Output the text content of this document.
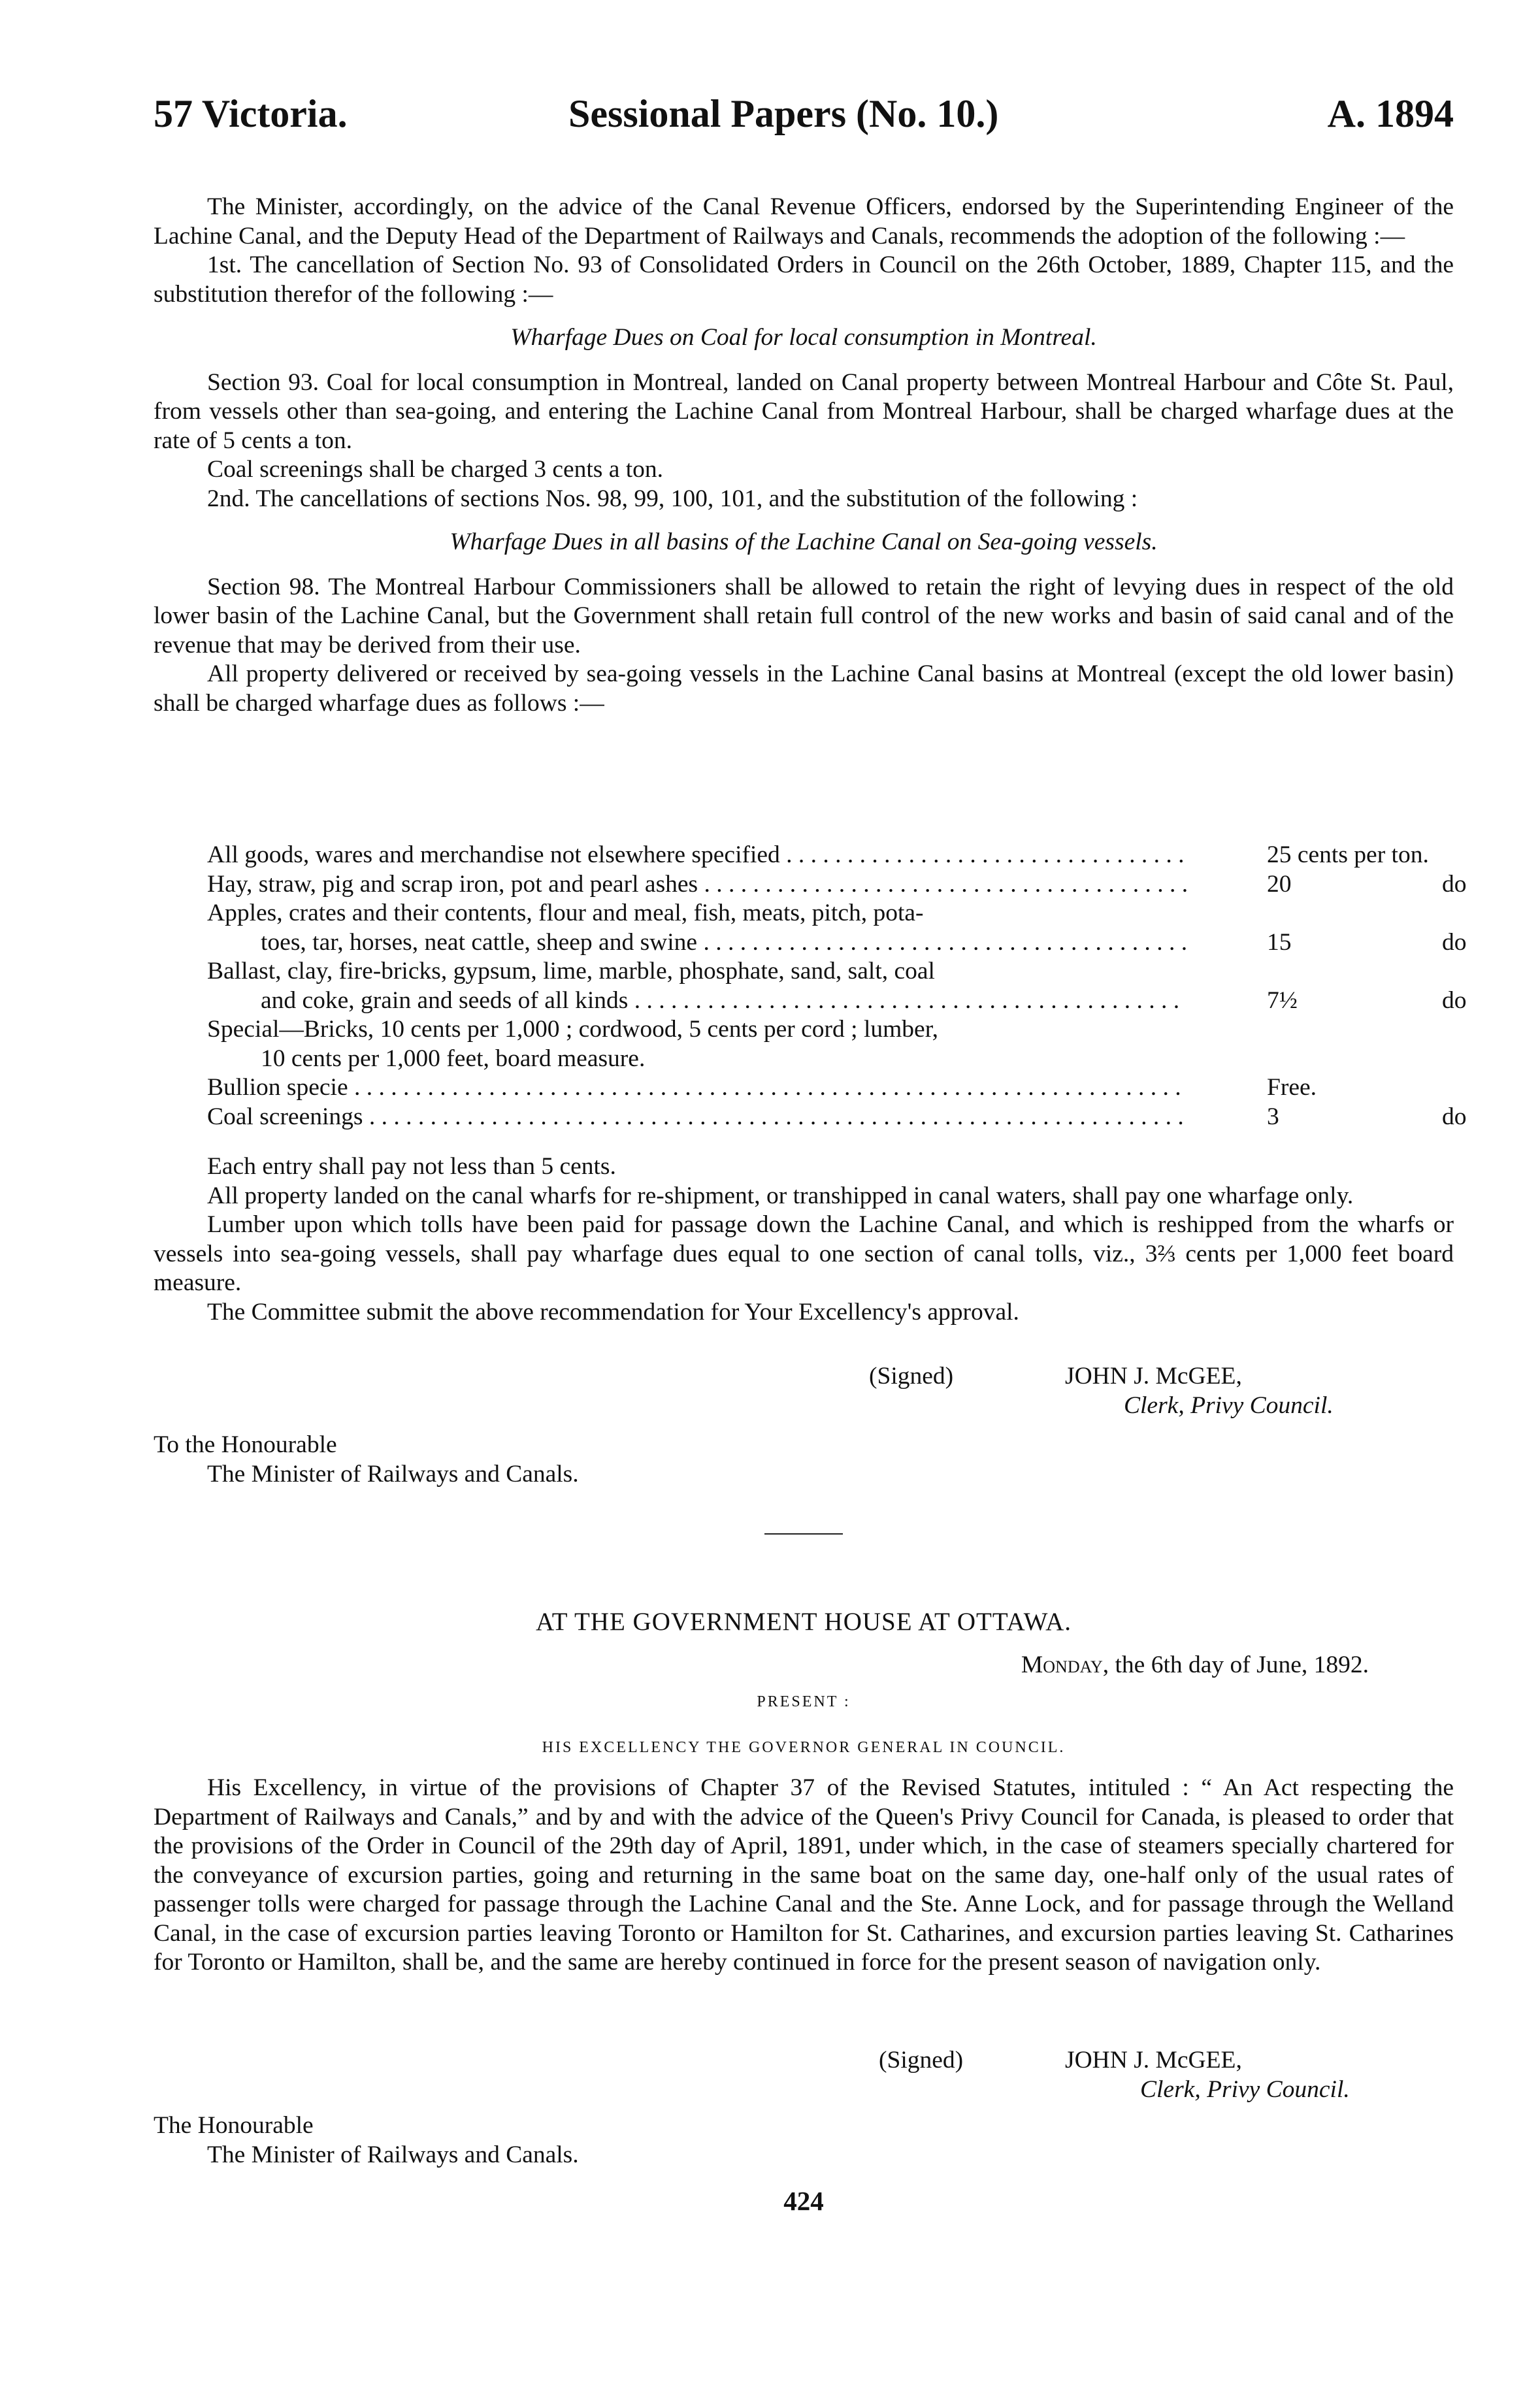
57 Victoria.	Sessional Papers (No. 10.)	A. 1894

The Minister, accordingly, on the advice of the Canal Revenue Officers, endorsed by the Superintending Engineer of the Lachine Canal, and the Deputy Head of the Department of Railways and Canals, recommends the adoption of the following :—

1st. The cancellation of Section No. 93 of Consolidated Orders in Council on the 26th October, 1889, Chapter 115, and the substitution therefor of the following :—

Wharfage Dues on Coal for local consumption in Montreal.

Section 93. Coal for local consumption in Montreal, landed on Canal property between Montreal Harbour and Côte St. Paul, from vessels other than sea-going, and entering the Lachine Canal from Montreal Harbour, shall be charged wharfage dues at the rate of 5 cents a ton.

Coal screenings shall be charged 3 cents a ton.

2nd. The cancellations of sections Nos. 98, 99, 100, 101, and the substitution of the following :

Wharfage Dues in all basins of the Lachine Canal on Sea-going vessels.

Section 98. The Montreal Harbour Commissioners shall be allowed to retain the right of levying dues in respect of the old lower basin of the Lachine Canal, but the Government shall retain full control of the new works and basin of said canal and of the revenue that may be derived from their use.

All property delivered or received by sea-going vessels in the Lachine Canal basins at Montreal (except the old lower basin) shall be charged wharfage dues as follows :—

All goods, wares and merchandise not elsewhere specified . . .	25 cents per ton.
Hay, straw, pig and scrap iron, pot and pearl ashes . . .	20	do
Apples, crates and their contents, flour and meal, fish, meats, pitch, pota-
toes, tar, horses, neat cattle, sheep and swine . . .	15	do
Ballast, clay, fire-bricks, gypsum, lime, marble, phosphate, sand, salt, coal
and coke, grain and seeds of all kinds . . .	7½	do
Special—Bricks, 10 cents per 1,000 ; cordwood, 5 cents per cord ; lumber,
10 cents per 1,000 feet, board measure.
Bullion specie . . .	Free.
Coal screenings . . .	3	do

Each entry shall pay not less than 5 cents.

All property landed on the canal wharfs for re-shipment, or transhipped in canal waters, shall pay one wharfage only.

Lumber upon which tolls have been paid for passage down the Lachine Canal, and which is reshipped from the wharfs or vessels into sea-going vessels, shall pay wharfage dues equal to one section of canal tolls, viz., 3⅔ cents per 1,000 feet board measure.

The Committee submit the above recommendation for Your Excellency's approval.

(Signed)	JOHN J. McGEE,
Clerk, Privy Council.
To the Honourable
The Minister of Railways and Canals.
AT THE GOVERNMENT HOUSE AT OTTAWA.
Monday, the 6th day of June, 1892.
PRESENT :
HIS EXCELLENCY THE GOVERNOR GENERAL IN COUNCIL.

His Excellency, in virtue of the provisions of Chapter 37 of the Revised Statutes, intituled : “ An Act respecting the Department of Railways and Canals,” and by and with the advice of the Queen's Privy Council for Canada, is pleased to order that the provisions of the Order in Council of the 29th day of April, 1891, under which, in the case of steamers specially chartered for the conveyance of excursion parties, going and returning in the same boat on the same day, one-half only of the usual rates of passenger tolls were charged for passage through the Lachine Canal and the Ste. Anne Lock, and for passage through the Welland Canal, in the case of excursion parties leaving Toronto or Hamilton for St. Catharines, and excursion parties leaving St. Catharines for Toronto or Hamilton, shall be, and the same are hereby continued in force for the present season of navigation only.

(Signed)	JOHN J. McGEE,
Clerk, Privy Council.
The Honourable
The Minister of Railways and Canals.
424
